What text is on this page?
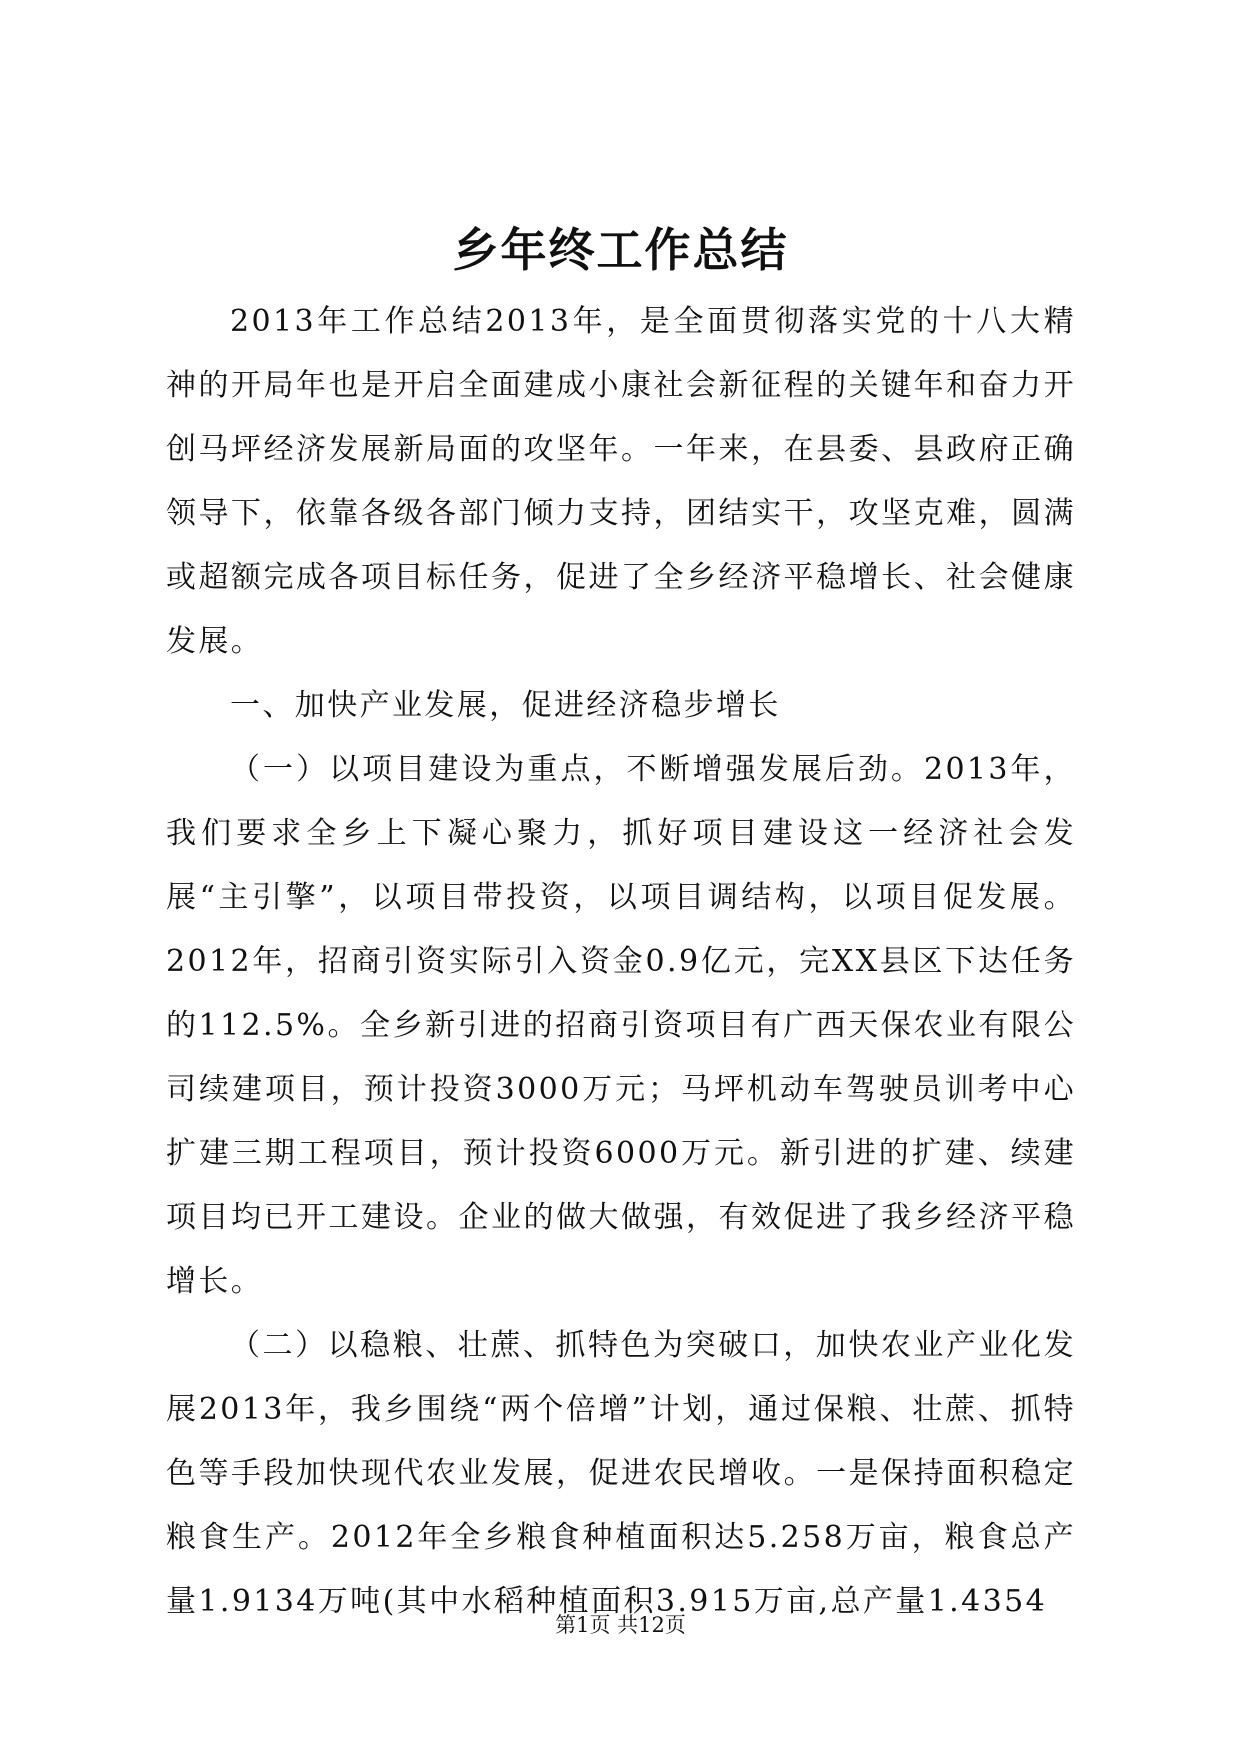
乡年终工作总结

2013年工作总结2013年，是全面贯彻落实党的十八大精神的开局年也是开启全面建成小康社会新征程的关键年和奋力开创马坪经济发展新局面的攻坚年。一年来，在县委、县政府正确领导下，依靠各级各部门倾力支持，团结实干，攻坚克难，圆满或超额完成各项目标任务，促进了全乡经济平稳增长、社会健康发展。

一、加快产业发展，促进经济稳步增长

（一）以项目建设为重点，不断增强发展后劲。2013年，我们要求全乡上下凝心聚力，抓好项目建设这一经济社会发展“主引擎”，以项目带投资，以项目调结构，以项目促发展。2012年，招商引资实际引入资金0.9亿元，完XX县区下达任务的112.5%。全乡新引进的招商引资项目有广西天保农业有限公司续建项目，预计投资3000万元；马坪机动车驾驶员训考中心扩建三期工程项目，预计投资6000万元。新引进的扩建、续建项目均已开工建设。企业的做大做强，有效促进了我乡经济平稳增长。

（二）以稳粮、壮蔗、抓特色为突破口，加快农业产业化发展2013年，我乡围绕“两个倍增”计划，通过保粮、壮蔗、抓特色等手段加快现代农业发展，促进农民增收。一是保持面积稳定粮食生产。2012年全乡粮食种植面积达5.258万亩，粮食总产量1.9134万吨(其中水稻种植面积3.915万亩,总产量1.4354

第1页 共12页
